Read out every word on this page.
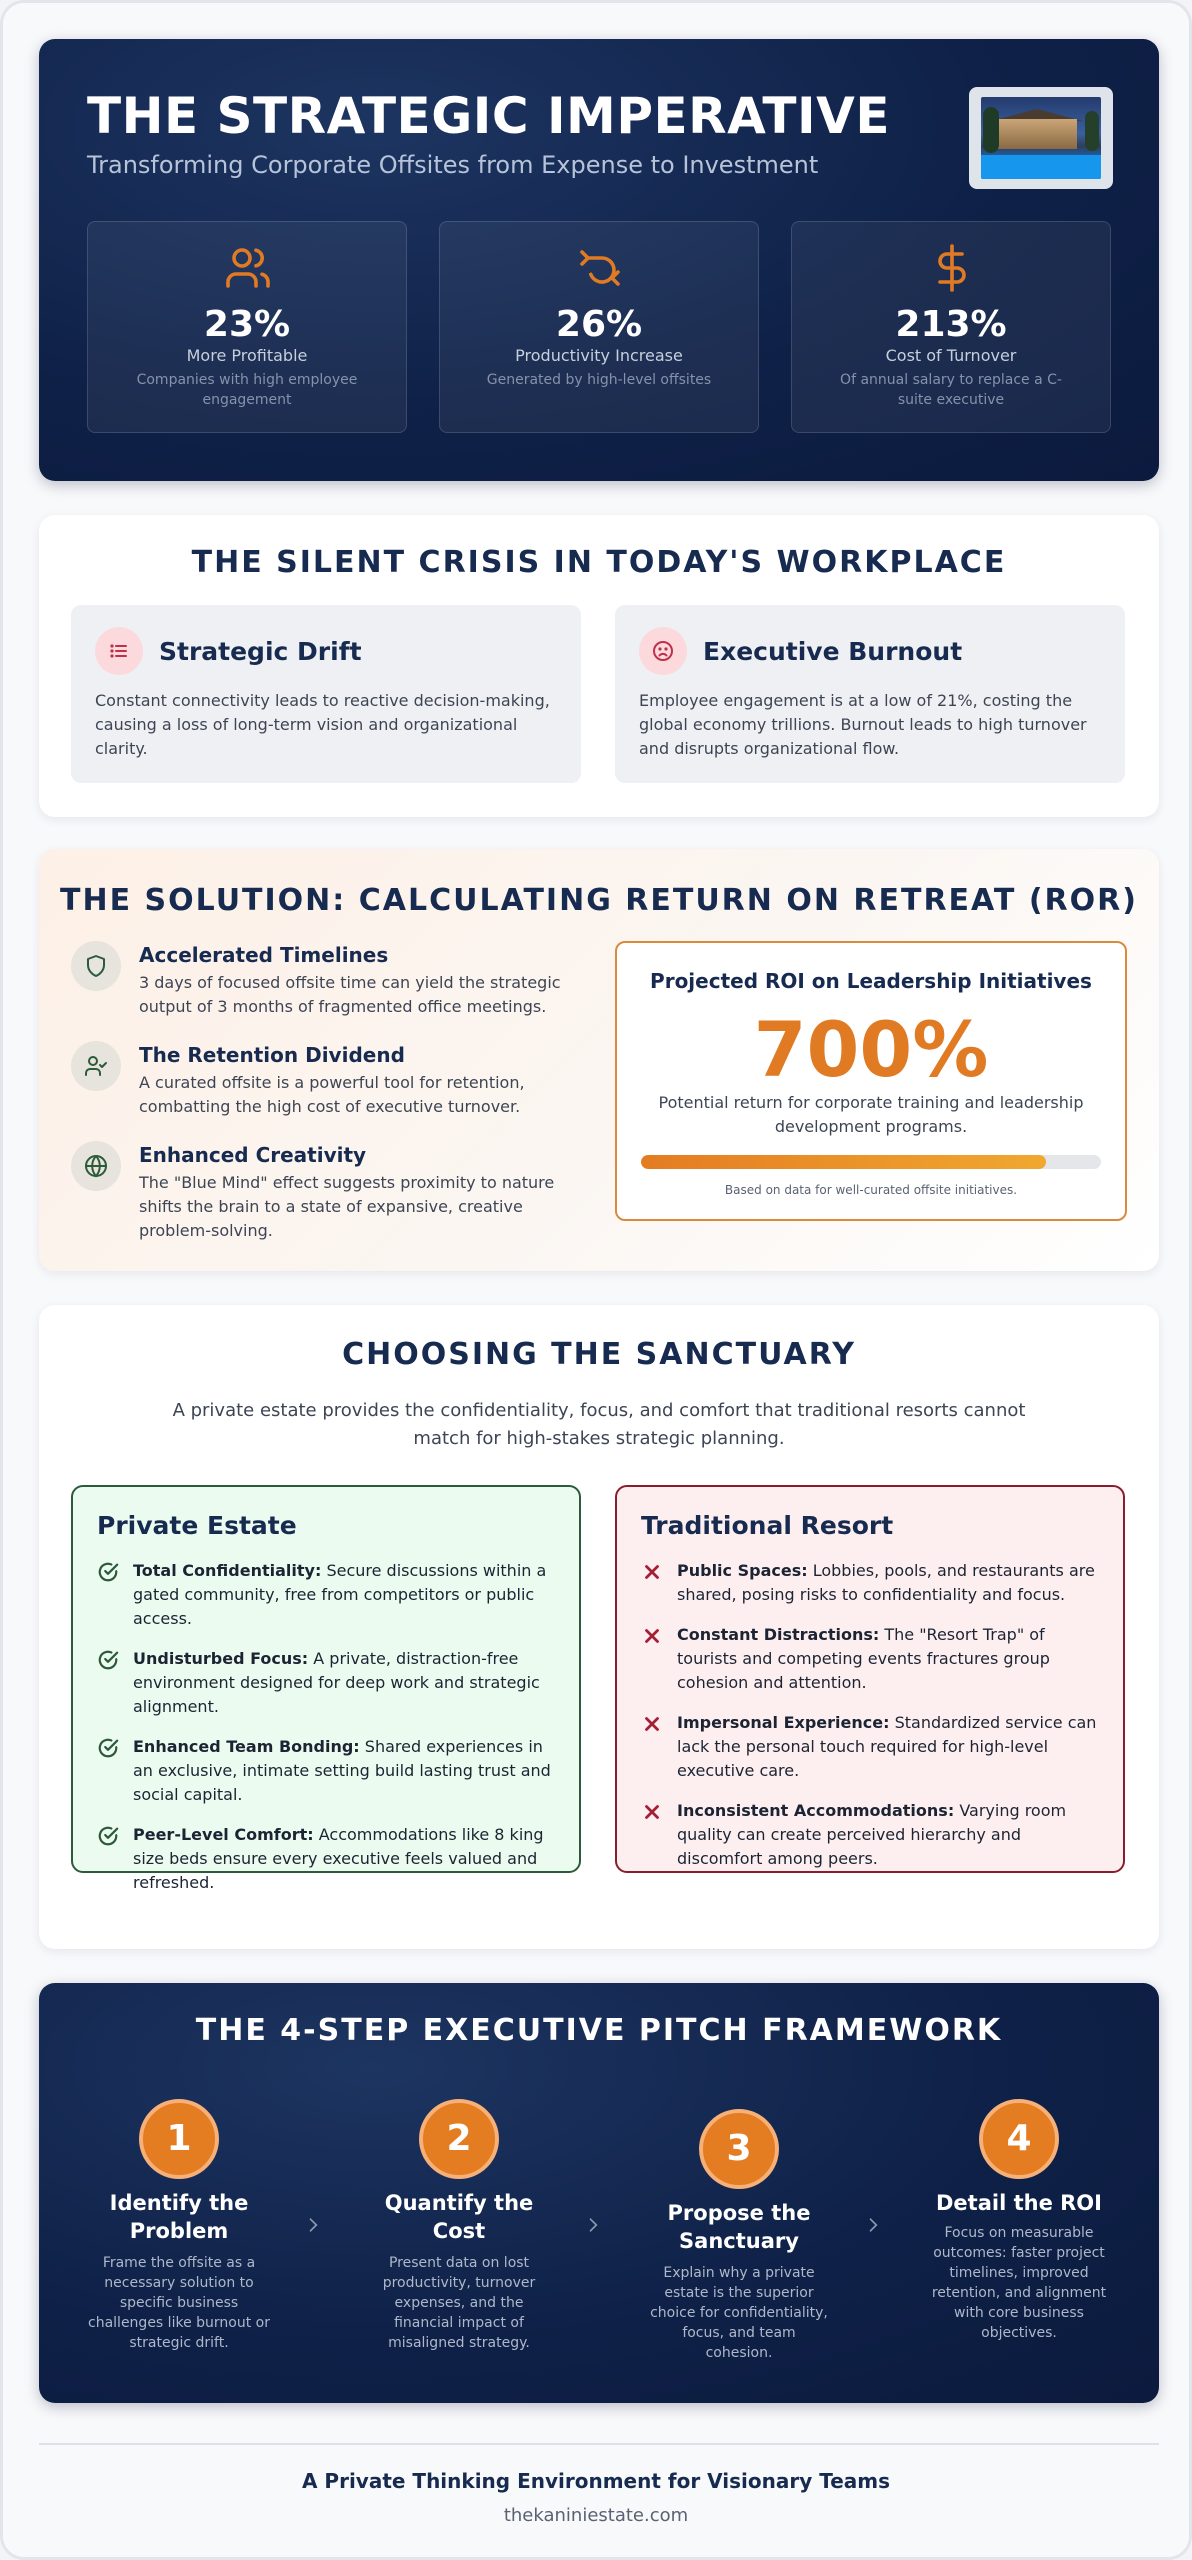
THE STRATEGIC IMPERATIVE
Transforming Corporate Offsites from Expense to Investment
23%
More Profitable
Companies with high employee engagement
26%
Productivity Increase
Generated by high-level offsites
213%
Cost of Turnover
Of annual salary to replace a C-suite executive
THE SILENT CRISIS IN TODAY'S WORKPLACE
Strategic Drift

Constant connectivity leads to reactive decision-making, causing a loss of long-term vision and organizational clarity.

Executive Burnout

Employee engagement is at a low of 21%, costing the global economy trillions. Burnout leads to high turnover and disrupts organizational flow.

THE SOLUTION: CALCULATING RETURN ON RETREAT (ROR)
Accelerated Timelines

3 days of focused offsite time can yield the strategic output of 3 months of fragmented office meetings.

The Retention Dividend

A curated offsite is a powerful tool for retention, combatting the high cost of executive turnover.

Enhanced Creativity

The "Blue Mind" effect suggests proximity to nature shifts the brain to a state of expansive, creative problem-solving.

Projected ROI on Leadership Initiatives
700%

Potential return for corporate training and leadership development programs.

Based on data for well-curated offsite initiatives.
CHOOSING THE SANCTUARY

A private estate provides the confidentiality, focus, and comfort that traditional resorts cannot match for high-stakes strategic planning.

Private Estate
Total Confidentiality: Secure discussions within a gated community, free from competitors or public access.
Undisturbed Focus: A private, distraction-free environment designed for deep work and strategic alignment.
Enhanced Team Bonding: Shared experiences in an exclusive, intimate setting build lasting trust and social capital.
Peer-Level Comfort: Accommodations like 8 king size beds ensure every executive feels valued and refreshed.
Traditional Resort
Public Spaces: Lobbies, pools, and restaurants are shared, posing risks to confidentiality and focus.
Constant Distractions: The "Resort Trap" of tourists and competing events fractures group cohesion and attention.
Impersonal Experience: Standardized service can lack the personal touch required for high-level executive care.
Inconsistent Accommodations: Varying room quality can create perceived hierarchy and discomfort among peers.
THE 4-STEP EXECUTIVE PITCH FRAMEWORK
1
Identify the Problem

Frame the offsite as a necessary solution to specific business challenges like burnout or strategic drift.

2
Quantify the Cost

Present data on lost productivity, turnover expenses, and the financial impact of misaligned strategy.

3
Propose the Sanctuary

Explain why a private estate is the superior choice for confidentiality, focus, and team cohesion.

4
Detail the ROI

Focus on measurable outcomes: faster project timelines, improved retention, and alignment with core business objectives.

A Private Thinking Environment for Visionary Teams
thekaniniestate.com
